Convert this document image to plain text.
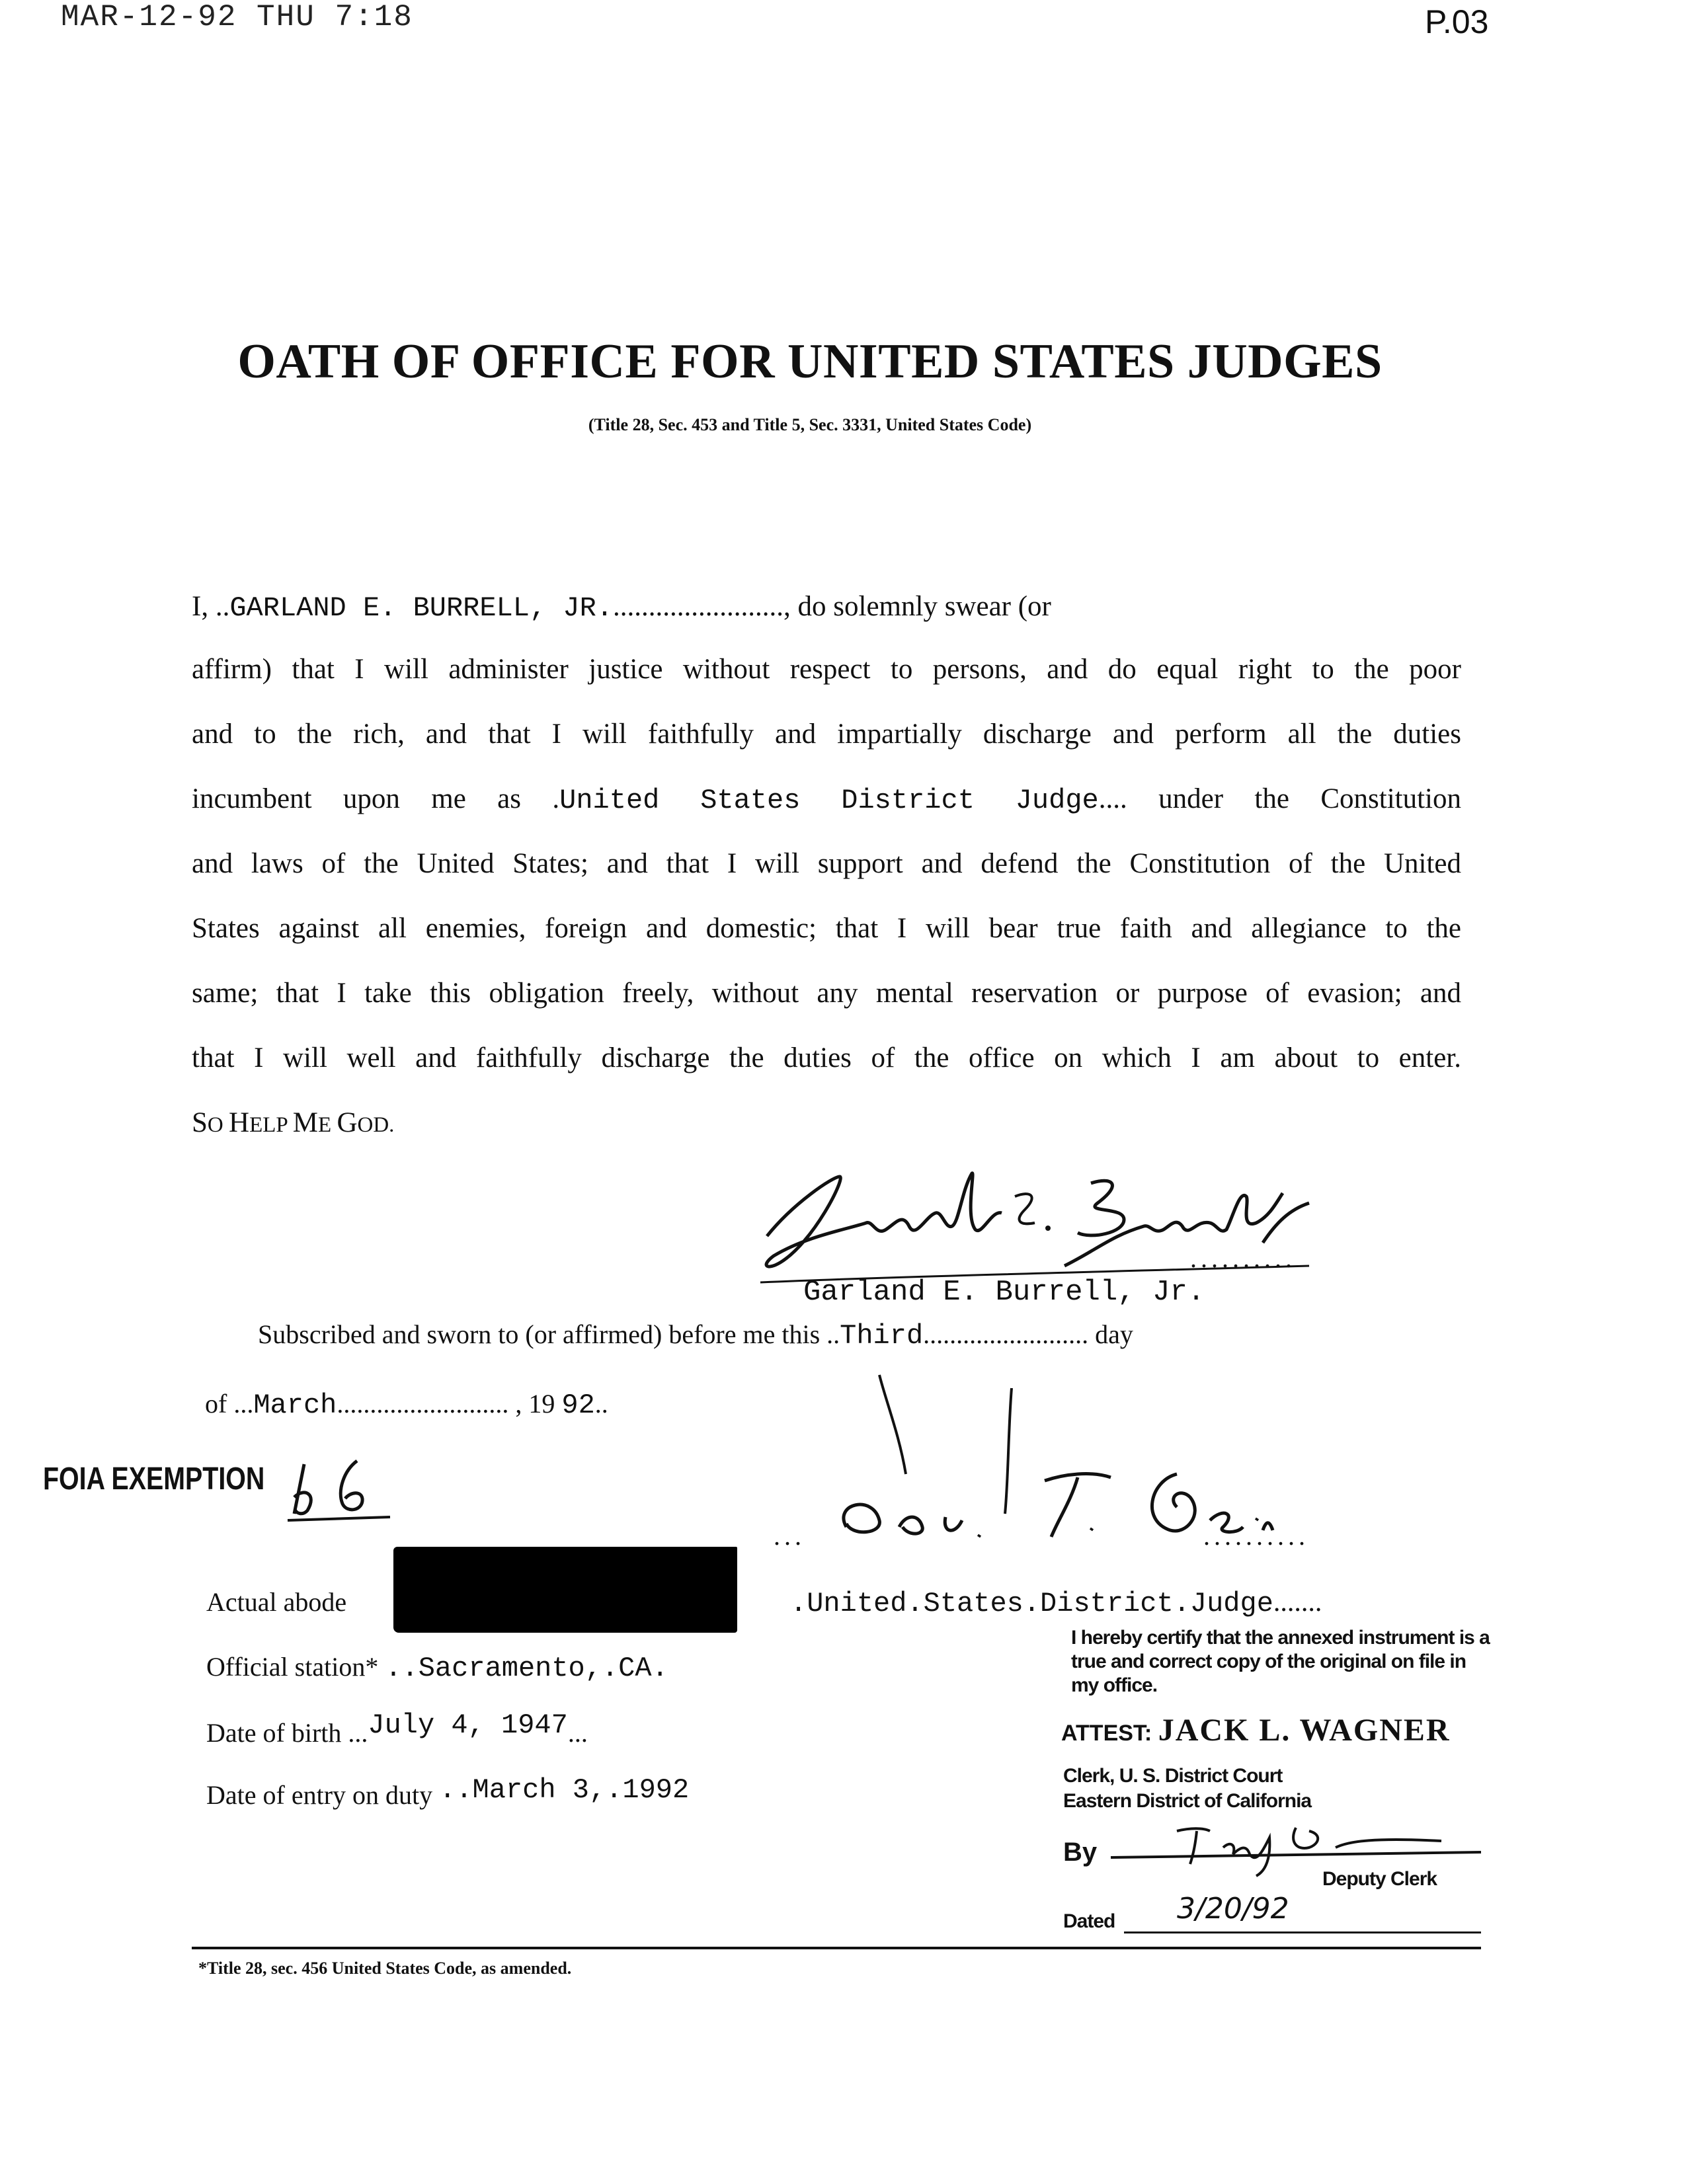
MAR-12-92 THU 7:18	P.03
OATH OF OFFICE FOR UNITED STATES JUDGES
(Title 28, Sec. 453 and Title 5, Sec. 3331, United States Code)
I, ..GARLAND E. BURRELL, JR........................., do solemnly swear (or
affirm) that I will administer justice without respect to persons, and do equal right to the poor
and to the rich, and that I will faithfully and impartially discharge and perform all the duties
incumbent upon me as .United States District Judge.... under the Constitution
and laws of the United States; and that I will support and defend the Constitution of the United
States against all enemies, foreign and domestic; that I will bear true faith and allegiance to the
same; that I take this obligation freely, without any mental reservation or purpose of evasion; and
that I will well and faithfully discharge the duties of the office on which I am about to enter.
SO HELP ME GOD.
..........
Garland E. Burrell, Jr.
Subscribed and sworn to (or affirmed) before me this ..Third......................... day
of ...March.......................... , 19 92..
FOIA EXEMPTION
...	..........
.United.States.District.Judge.......
Actual abode
Official station* ..Sacramento,.CA.
Date of birth ...July 4, 1947...
Date of entry on duty ..March 3,.1992
I hereby certify that the annexed instrument is a true and correct copy of the original on file in my office.
ATTEST: JACK L. WAGNER
Clerk, U. S. District Court
Eastern District of California
By
Deputy Clerk
Dated 3/20/92
*Title 28, sec. 456 United States Code, as amended.
